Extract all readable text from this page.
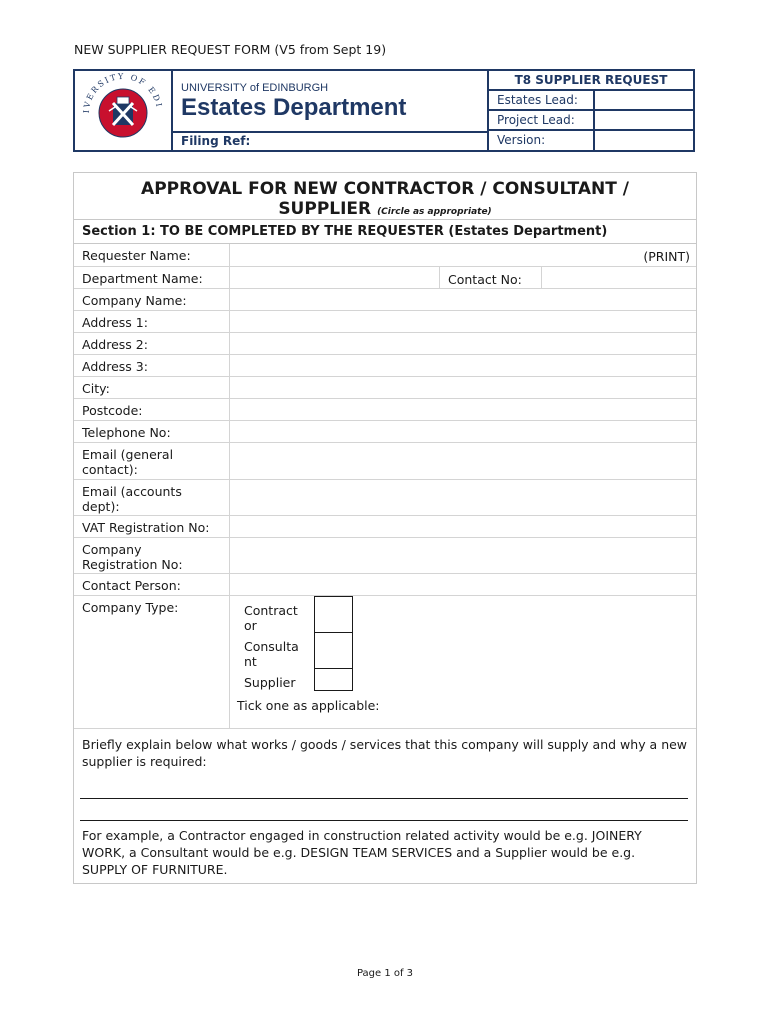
NEW SUPPLIER REQUEST FORM (V5 from Sept 19)
IVERSITY OF EDI
UNIVERSITY of EDINBURGH
Estates Department
Filing Ref:
T8 SUPPLIER REQUEST
Estates Lead:
Project Lead:
Version:
APPROVAL FOR NEW CONTRACTOR / CONSULTANT /
SUPPLIER (Circle as appropriate)
Section 1: TO BE COMPLETED BY THE REQUESTER (Estates Department)
Requester Name:	(PRINT)
Department Name:	Contact No:
Company Name:
Address 1:
Address 2:
Address 3:
City:
Postcode:
Telephone No:
Email (general contact):
Email (accounts dept):
VAT Registration No:
Company Registration No:
Contact Person:
Company Type:	Contract or
Consulta nt
Supplier
Tick one as applicable:
Briefly explain below what works / goods / services that this company will supply and why a new supplier is required:
For example, a Contractor engaged in construction related activity would be e.g. JOINERY WORK, a Consultant would be e.g. DESIGN TEAM SERVICES and a Supplier would be e.g. SUPPLY OF FURNITURE.
Page 1 of 3
